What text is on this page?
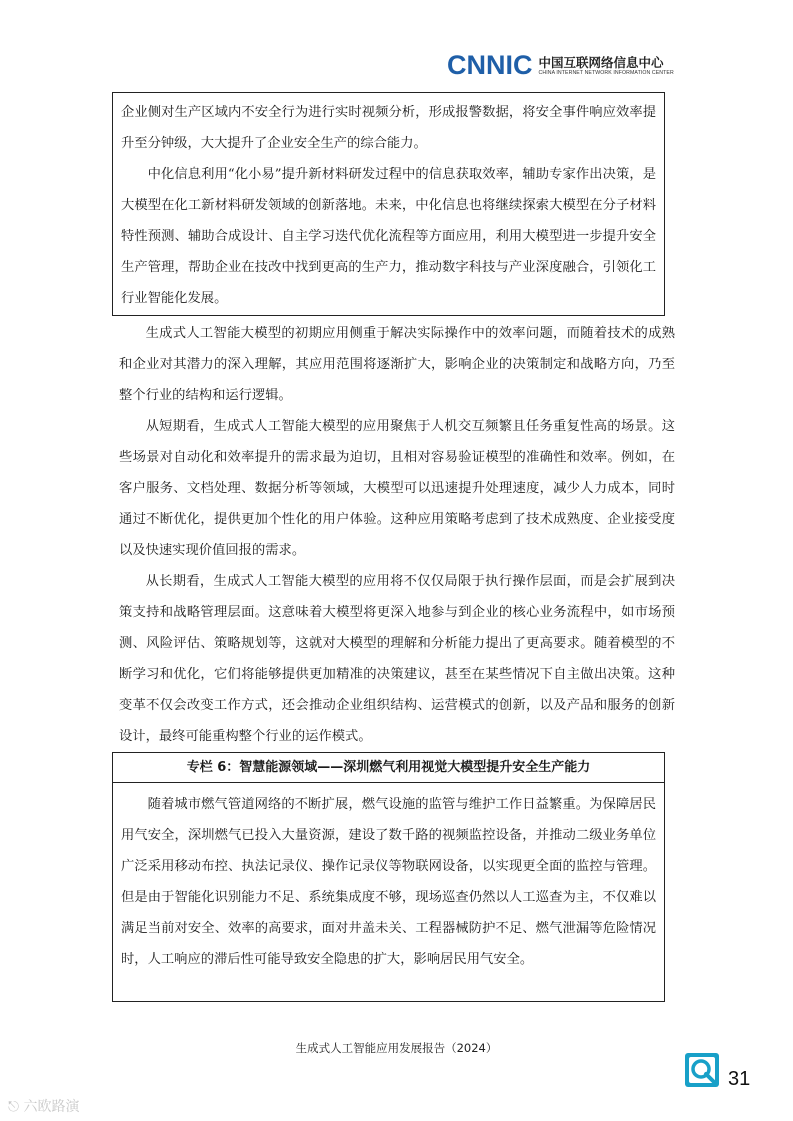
CNNIC 中国互联网络信息中心
CHINA INTERNET NETWORK INFORMATION CENTER

企业侧对生产区域内不安全行为进行实时视频分析，形成报警数据，将安全事件响应效率提升至分钟级，大大提升了企业安全生产的综合能力。

中化信息利用“化小易”提升新材料研发过程中的信息获取效率，辅助专家作出决策，是大模型在化工新材料研发领域的创新落地。未来，中化信息也将继续探索大模型在分子材料特性预测、辅助合成设计、自主学习迭代优化流程等方面应用，利用大模型进一步提升安全生产管理，帮助企业在技改中找到更高的生产力，推动数字科技与产业深度融合，引领化工行业智能化发展。

生成式人工智能大模型的初期应用侧重于解决实际操作中的效率问题，而随着技术的成熟和企业对其潜力的深入理解，其应用范围将逐渐扩大，影响企业的决策制定和战略方向，乃至整个行业的结构和运行逻辑。

从短期看，生成式人工智能大模型的应用聚焦于人机交互频繁且任务重复性高的场景。这些场景对自动化和效率提升的需求最为迫切，且相对容易验证模型的准确性和效率。例如，在客户服务、文档处理、数据分析等领域，大模型可以迅速提升处理速度，减少人力成本，同时通过不断优化，提供更加个性化的用户体验。这种应用策略考虑到了技术成熟度、企业接受度以及快速实现价值回报的需求。

从长期看，生成式人工智能大模型的应用将不仅仅局限于执行操作层面，而是会扩展到决策支持和战略管理层面。这意味着大模型将更深入地参与到企业的核心业务流程中，如市场预测、风险评估、策略规划等，这就对大模型的理解和分析能力提出了更高要求。随着模型的不断学习和优化，它们将能够提供更加精准的决策建议，甚至在某些情况下自主做出决策。这种变革不仅会改变工作方式，还会推动企业组织结构、运营模式的创新，以及产品和服务的创新设计，最终可能重构整个行业的运作模式。

专栏 6：智慧能源领域——深圳燃气利用视觉大模型提升安全生产能力

随着城市燃气管道网络的不断扩展，燃气设施的监管与维护工作日益繁重。为保障居民用气安全，深圳燃气已投入大量资源，建设了数千路的视频监控设备，并推动二级业务单位广泛采用移动布控、执法记录仪、操作记录仪等物联网设备，以实现更全面的监控与管理。但是由于智能化识别能力不足、系统集成度不够，现场巡查仍然以人工巡查为主，不仅难以满足当前对安全、效率的高要求，面对井盖未关、工程器械防护不足、燃气泄漏等危险情况时，人工响应的滞后性可能导致安全隐患的扩大，影响居民用气安全。

生成式人工智能应用发展报告（2024）
31
⎋ 六欧路演
